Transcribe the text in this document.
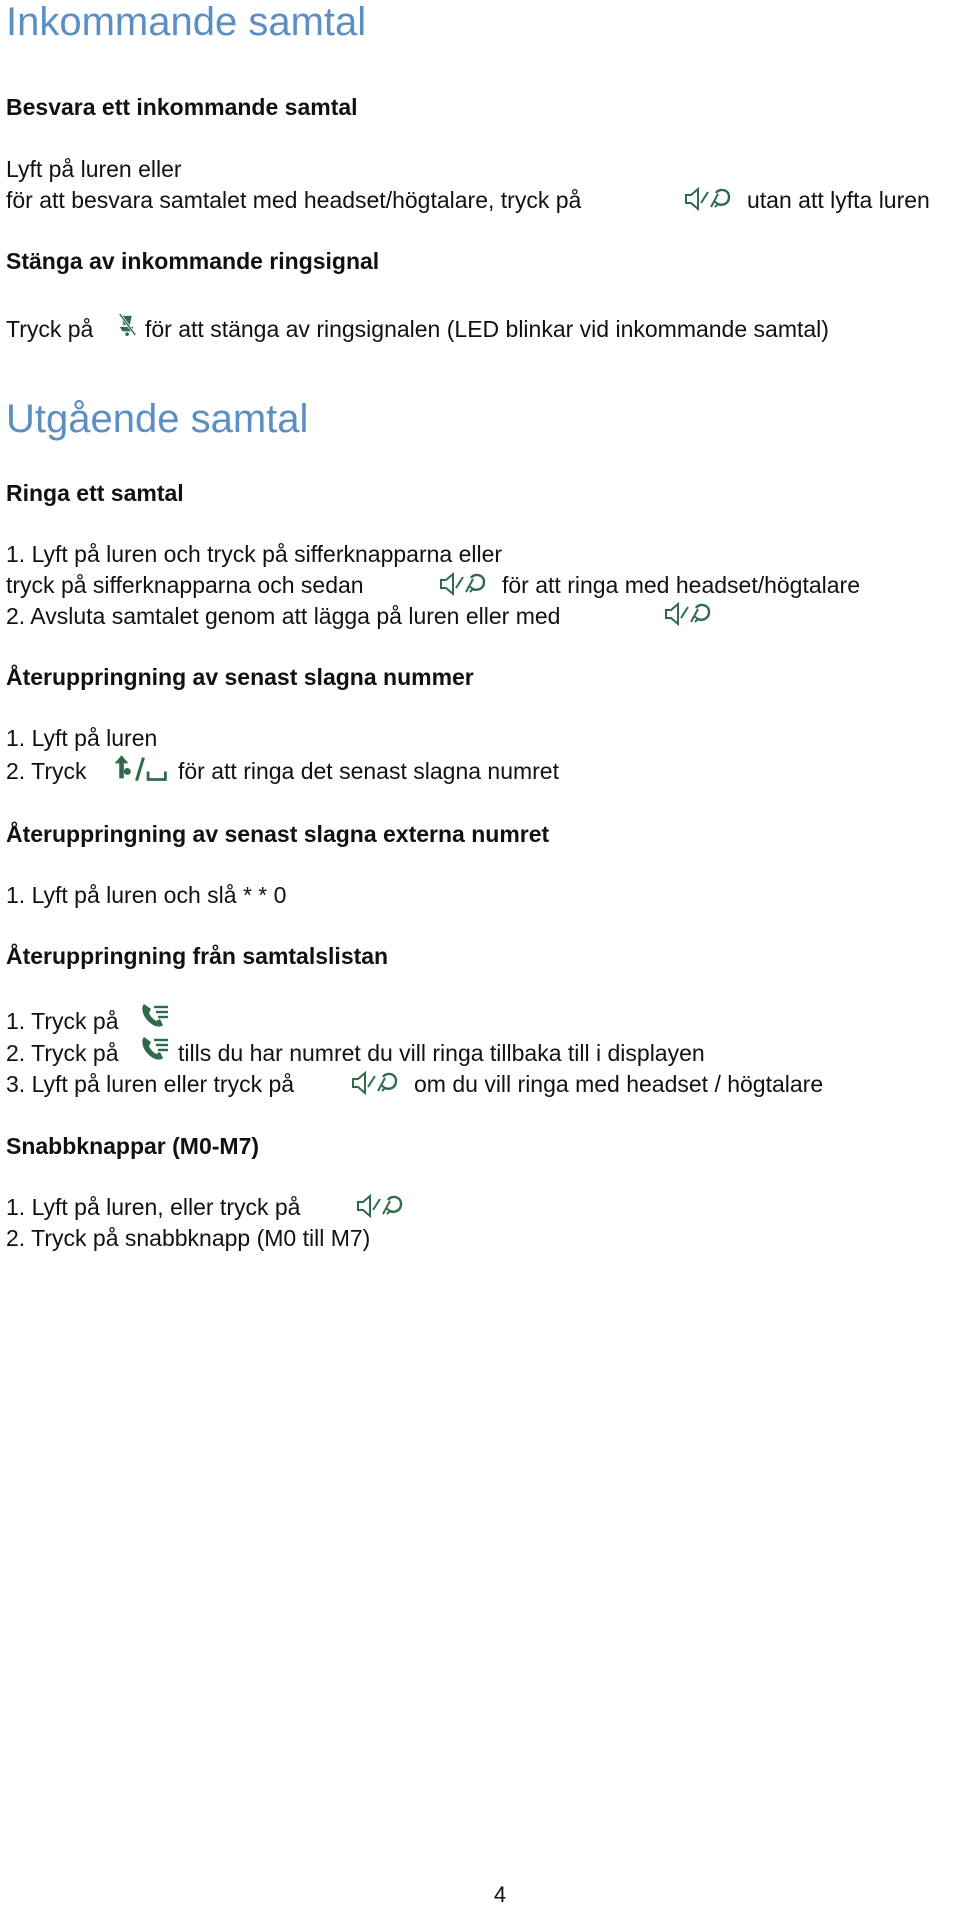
Inkommande samtal
Besvara ett inkommande samtal
Lyft på luren eller
för att besvara samtalet med headset/högtalare, tryck på	utan att lyfta luren
Stänga av inkommande ringsignal
Tryck på för att stänga av ringsignalen (LED blinkar vid inkommande samtal)
Utgående samtal
Ringa ett samtal
1. Lyft på luren och tryck på sifferknapparna eller
tryck på sifferknapparna och sedan	för att ringa med headset/högtalare
2. Avsluta samtalet genom att lägga på luren eller med
Återuppringning av senast slagna nummer
1. Lyft på luren
2. Tryck	för att ringa det senast slagna numret
Återuppringning av senast slagna externa numret
1. Lyft på luren och slå * * 0
Återuppringning från samtalslistan
1. Tryck på
2. Tryck på	tills du har numret du vill ringa tillbaka till i displayen
3. Lyft på luren eller tryck på	om du vill ringa med headset / högtalare
Snabbknappar (M0-M7)
1. Lyft på luren, eller tryck på
2. Tryck på snabbknapp (M0 till M7)
4
